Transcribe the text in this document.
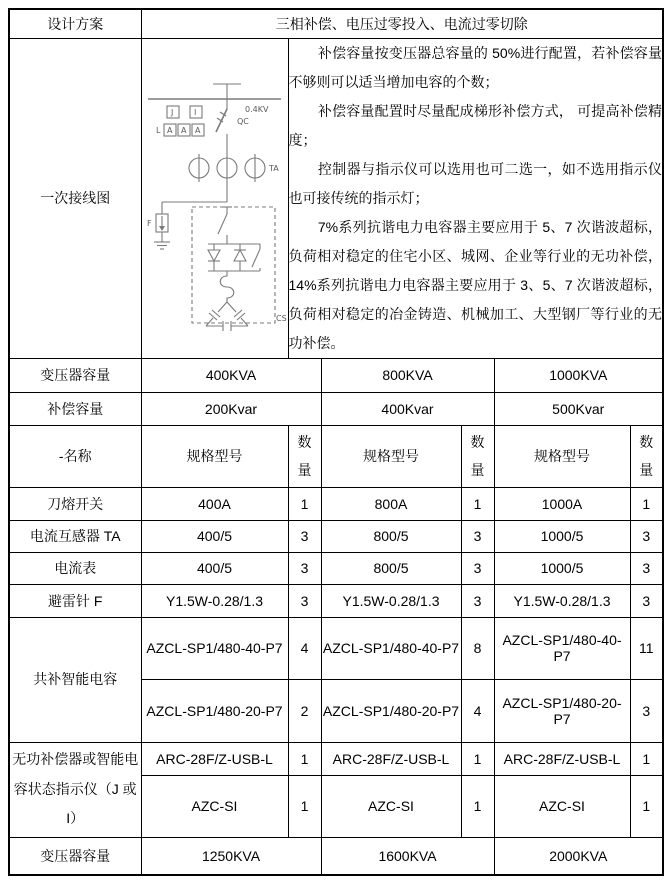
设计方案	三相补偿、电压过零投入、电流过零切除					
一次接线图	
0.4KV
J	I
L A A A
QC
TA
F
CS

补偿容量按变压器总容量的 50%进行配置，若补偿容量不够则可以适当增加电容的个数；

补偿容量配置时尽量配成梯形补偿方式， 可提高补偿精度；

控制器与指示仪可以选用也可二选一，如不选用指示仪也可接传统的指示灯；

7%系列抗谐电力电容器主要应用于 5、7 次谐波超标，负荷相对稳定的住宅小区、城网、企业等行业的无功补偿，14%系列抗谐电力电容器主要应用于 3、5、7 次谐波超标，负荷相对稳定的冶金铸造、机械加工、大型钢厂等行业的无功补偿。

变压器容量	400KVA		800KVA		1000KVA	
补偿容量	200Kvar		400Kvar		500Kvar	
-名称	规格型号	数量	规格型号	数量	规格型号	数量
刀熔开关	400A	1	800A	1	1000A	1
电流互感器 TA	400/5	3	800/5	3	1000/5	3
电流表	400/5	3	800/5	3	1000/5	3
避雷针 F	Y1.5W-0.28/1.3	3	Y1.5W-0.28/1.3	3	Y1.5W-0.28/1.3	3
共补智能电容	AZCL-SP1/480-40-P7	4	AZCL-SP1/480-40-P7	8	AZCL-SP1/480-40-P7	11
	AZCL-SP1/480-20-P7	2	AZCL-SP1/480-20-P7	4	AZCL-SP1/480-20-P7	3
无功补偿器或智能电容状态指示仪（J 或 I）	ARC-28F/Z-USB-L	1	ARC-28F/Z-USB-L	1	ARC-28F/Z-USB-L	1
	AZC-SI	1	AZC-SI	1	AZC-SI	1
变压器容量	1250KVA		1600KVA		2000KVA	
